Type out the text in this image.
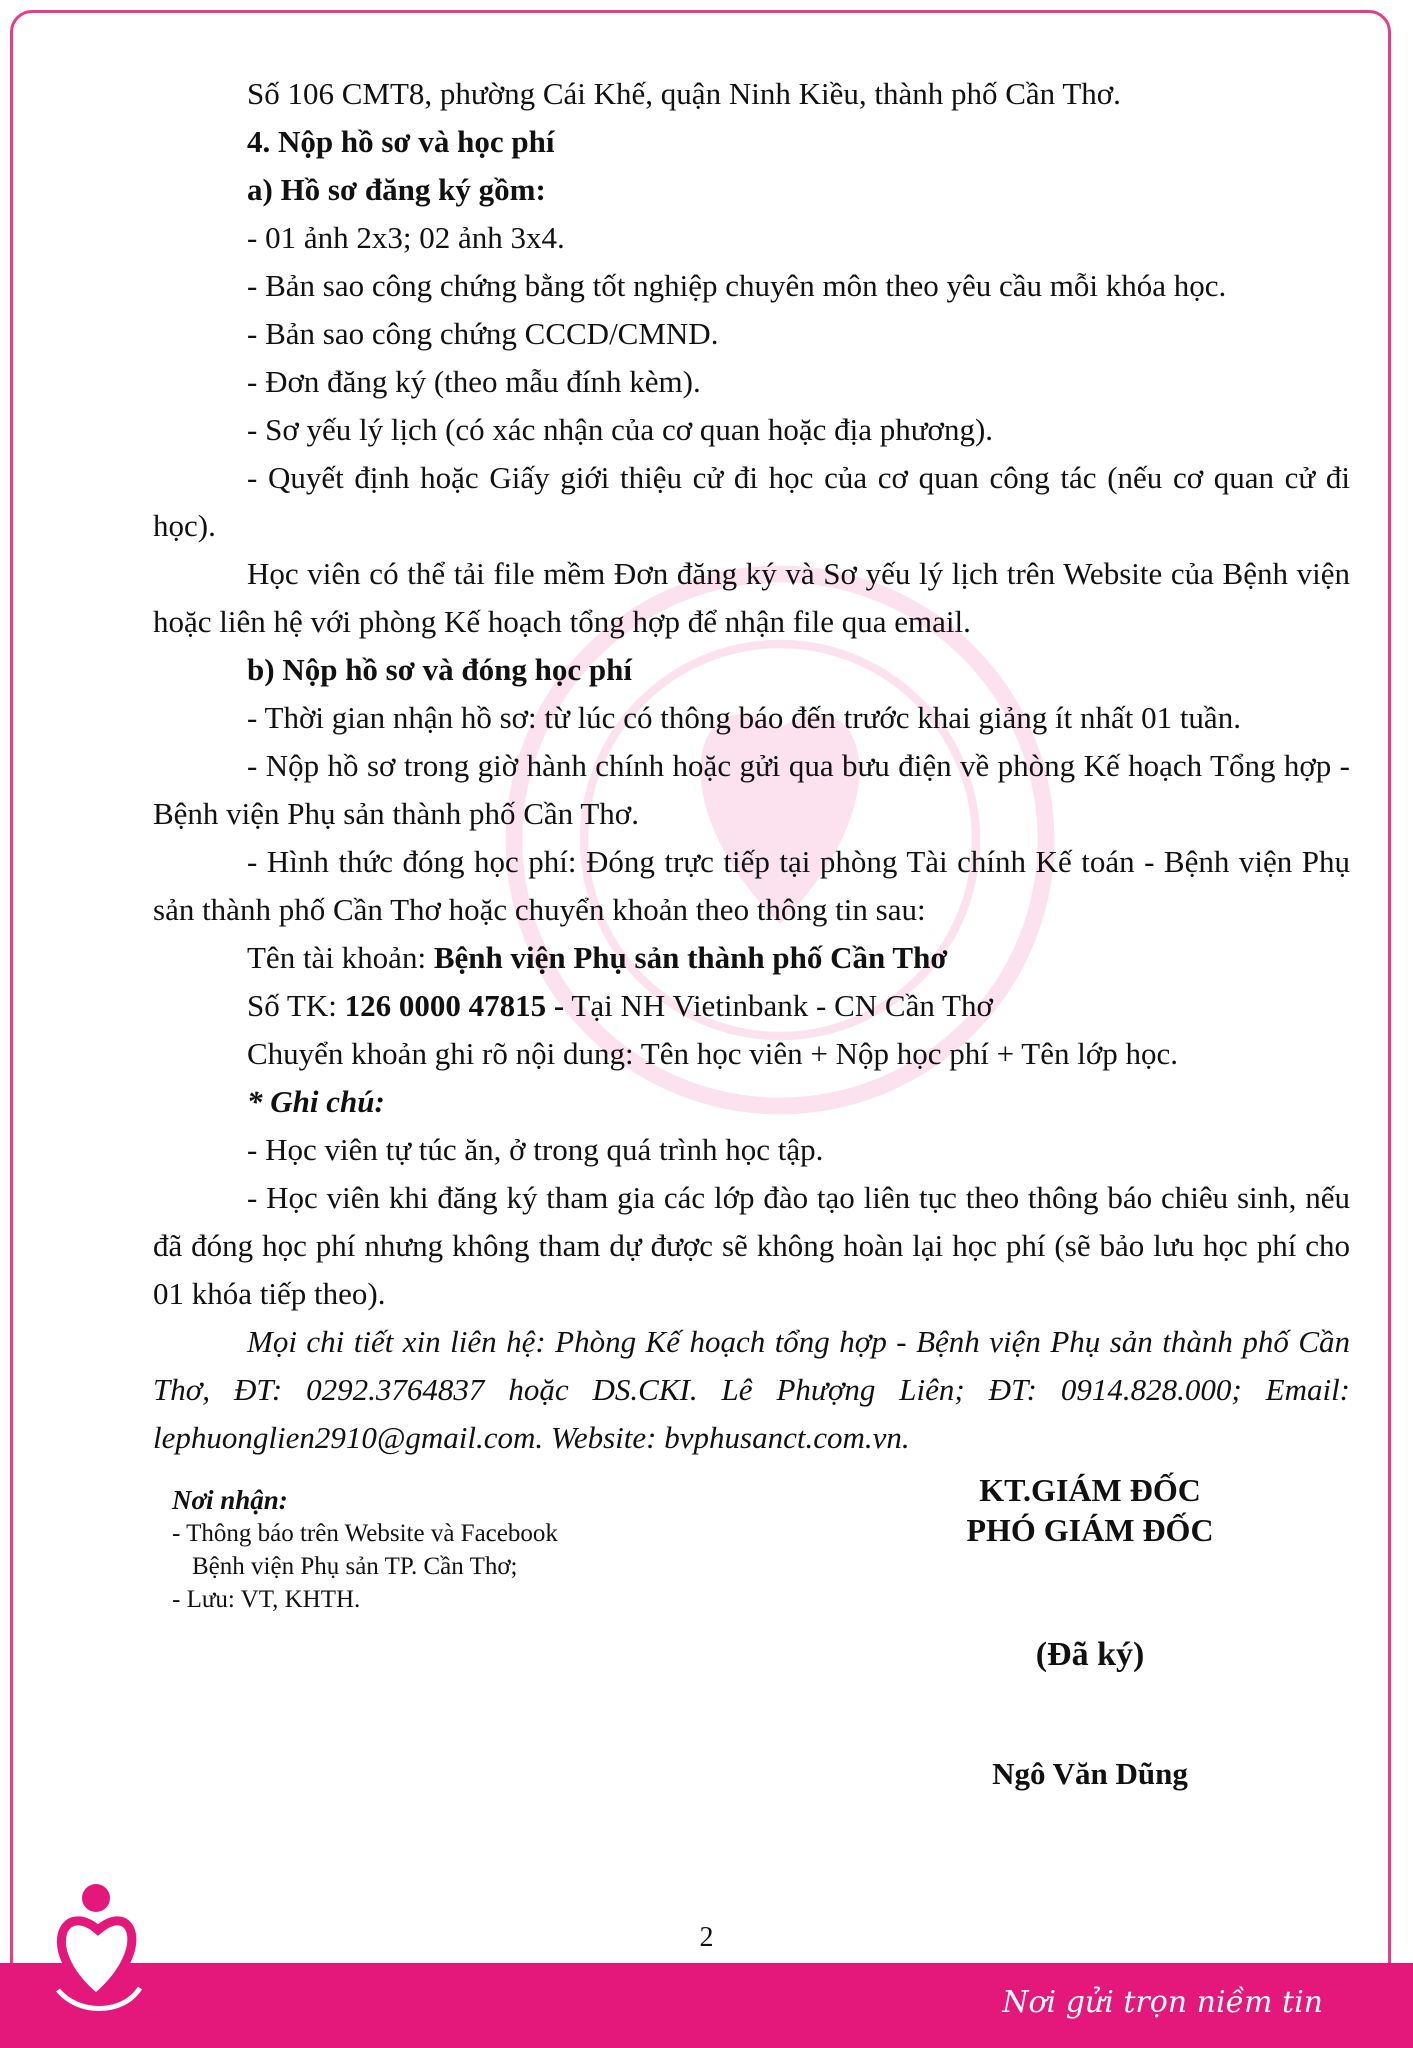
Số 106 CMT8, phường Cái Khế, quận Ninh Kiều, thành phố Cần Thơ.

4. Nộp hồ sơ và học phí

a) Hồ sơ đăng ký gồm:

- 01 ảnh 2x3; 02 ảnh 3x4.

- Bản sao công chứng bằng tốt nghiệp chuyên môn theo yêu cầu mỗi khóa học.

- Bản sao công chứng CCCD/CMND.

- Đơn đăng ký (theo mẫu đính kèm).

- Sơ yếu lý lịch (có xác nhận của cơ quan hoặc địa phương).

- Quyết định hoặc Giấy giới thiệu cử đi học của cơ quan công tác (nếu cơ quan cử đi học).

Học viên có thể tải file mềm Đơn đăng ký và Sơ yếu lý lịch trên Website của Bệnh viện hoặc liên hệ với phòng Kế hoạch tổng hợp để nhận file qua email.

b) Nộp hồ sơ và đóng học phí

- Thời gian nhận hồ sơ: từ lúc có thông báo đến trước khai giảng ít nhất 01 tuần.

- Nộp hồ sơ trong giờ hành chính hoặc gửi qua bưu điện về phòng Kế hoạch Tổng hợp - Bệnh viện Phụ sản thành phố Cần Thơ.

- Hình thức đóng học phí: Đóng trực tiếp tại phòng Tài chính Kế toán - Bệnh viện Phụ sản thành phố Cần Thơ hoặc chuyển khoản theo thông tin sau:

Tên tài khoản: Bệnh viện Phụ sản thành phố Cần Thơ

Số TK: 126 0000 47815 - Tại NH Vietinbank - CN Cần Thơ

Chuyển khoản ghi rõ nội dung: Tên học viên + Nộp học phí + Tên lớp học.

* Ghi chú:

- Học viên tự túc ăn, ở trong quá trình học tập.

- Học viên khi đăng ký tham gia các lớp đào tạo liên tục theo thông báo chiêu sinh, nếu đã đóng học phí nhưng không tham dự được sẽ không hoàn lại học phí (sẽ bảo lưu học phí cho 01 khóa tiếp theo).

Mọi chi tiết xin liên hệ: Phòng Kế hoạch tổng hợp - Bệnh viện Phụ sản thành phố Cần Thơ, ĐT: 0292.3764837 hoặc DS.CKI. Lê Phượng Liên; ĐT: 0914.828.000; Email: lephuonglien2910@gmail.com. Website: bvphusanct.com.vn.

Nơi nhận:
- Thông báo trên Website và Facebook
Bệnh viện Phụ sản TP. Cần Thơ;
- Lưu: VT, KHTH.
KT.GIÁM ĐỐC
PHÓ GIÁM ĐỐC
(Đã ký)
Ngô Văn Dũng
2
Nơi gửi trọn niềm tin
